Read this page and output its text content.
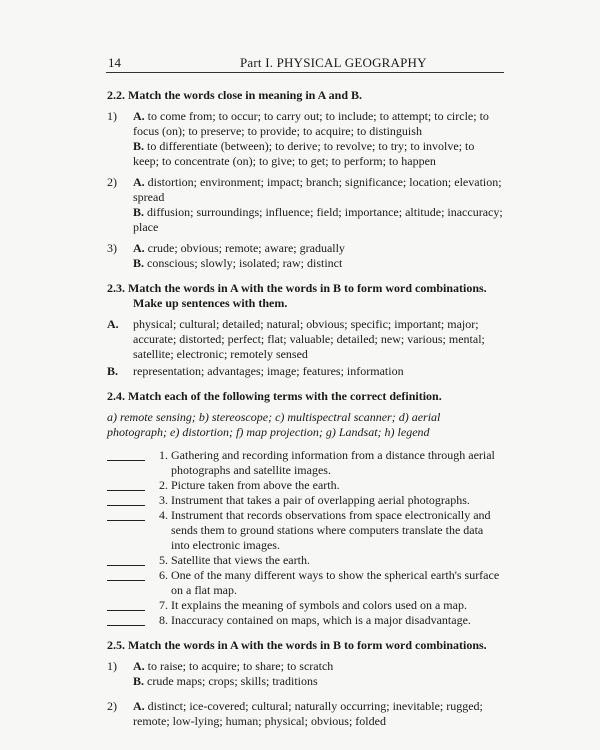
14	Part I. PHYSICAL GEOGRAPHY
2.2. Match the words close in meaning in A and B.
1) A. to come from; to occur; to carry out; to include; to attempt; to circle; to focus (on); to preserve; to provide; to acquire; to distinguish
B. to differentiate (between); to derive; to revolve; to try; to involve; to keep; to concentrate (on); to give; to get; to perform; to happen
2) A. distortion; environment; impact; branch; significance; location; elevation; spread
B. diffusion; surroundings; influence; field; importance; altitude; inaccuracy; place
3) A. crude; obvious; remote; aware; gradually
B. conscious; slowly; isolated; raw; distinct
2.3. Match the words in A with the words in B to form word combinations.
Make up sentences with them.
A. physical; cultural; detailed; natural; obvious; specific; important; major; accurate; distorted; perfect; flat; valuable; detailed; new; various; mental; satellite; electronic; remotely sensed
B. representation; advantages; image; features; information
2.4. Match each of the following terms with the correct definition.
a) remote sensing; b) stereoscope; c) multispectral scanner; d) aerial photograph; e) distortion; f) map projection; g) Landsat; h) legend
1. Gathering and recording information from a distance through aerial photographs and satellite images.
2. Picture taken from above the earth.
3. Instrument that takes a pair of overlapping aerial photographs.
4. Instrument that records observations from space electronically and sends them to ground stations where computers translate the data into electronic images.
5. Satellite that views the earth.
6. One of the many different ways to show the spherical earth's surface on a flat map.
7. It explains the meaning of symbols and colors used on a map.
8. Inaccuracy contained on maps, which is a major disadvantage.
2.5. Match the words in A with the words in B to form word combinations.
1) A. to raise; to acquire; to share; to scratch
B. crude maps; crops; skills; traditions
2) A. distinct; ice-covered; cultural; naturally occurring; inevitable; rugged; remote; low-lying; human; physical; obvious; folded
